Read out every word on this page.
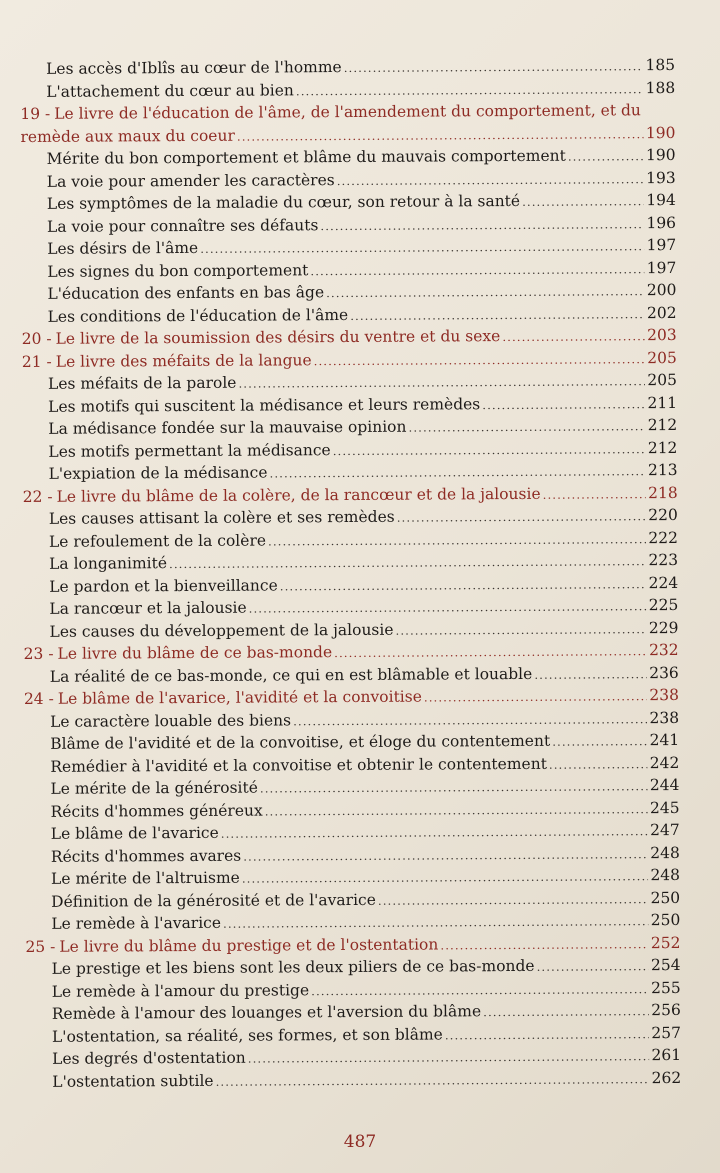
Les accès d'Iblîs au cœur de l'homme .....	185
L'attachement du cœur au bien .....	188
19 - Le livre de l'éducation de l'âme, de l'amendement du comportement, et du
remède aux maux du coeur .....	190
Mérite du bon comportement et blâme du mauvais comportement .....	190
La voie pour amender les caractères .....	193
Les symptômes de la maladie du cœur, son retour à la santé .....	194
La voie pour connaître ses défauts .....	196
Les désirs de l'âme .....	197
Les signes du bon comportement .....	197
L'éducation des enfants en bas âge .....	200
Les conditions de l'éducation de l'âme .....	202
20 - Le livre de la soumission des désirs du ventre et du sexe .....	203
21 - Le livre des méfaits de la langue .....	205
Les méfaits de la parole .....	205
Les motifs qui suscitent la médisance et leurs remèdes .....	211
La médisance fondée sur la mauvaise opinion .....	212
Les motifs permettant la médisance .....	212
L'expiation de la médisance .....	213
22 - Le livre du blâme de la colère, de la rancœur et de la jalousie .....	218
Les causes attisant la colère et ses remèdes .....	220
Le refoulement de la colère .....	222
La longanimité .....	223
Le pardon et la bienveillance .....	224
La rancœur et la jalousie .....	225
Les causes du développement de la jalousie .....	229
23 - Le livre du blâme de ce bas-monde .....	232
La réalité de ce bas-monde, ce qui en est blâmable et louable .....	236
24 - Le blâme de l'avarice, l'avidité et la convoitise .....	238
Le caractère louable des biens .....	238
Blâme de l'avidité et de la convoitise, et éloge du contentement .....	241
Remédier à l'avidité et la convoitise et obtenir le contentement .....	242
Le mérite de la générosité .....	244
Récits d'hommes généreux .....	245
Le blâme de l'avarice .....	247
Récits d'hommes avares .....	248
Le mérite de l'altruisme .....	248
Définition de la générosité et de l'avarice .....	250
Le remède à l'avarice .....	250
25 - Le livre du blâme du prestige et de l'ostentation .....	252
Le prestige et les biens sont les deux piliers de ce bas-monde .....	254
Le remède à l'amour du prestige .....	255
Remède à l'amour des louanges et l'aversion du blâme .....	256
L'ostentation, sa réalité, ses formes, et son blâme .....	257
Les degrés d'ostentation .....	261
L'ostentation subtile .....	262
487
